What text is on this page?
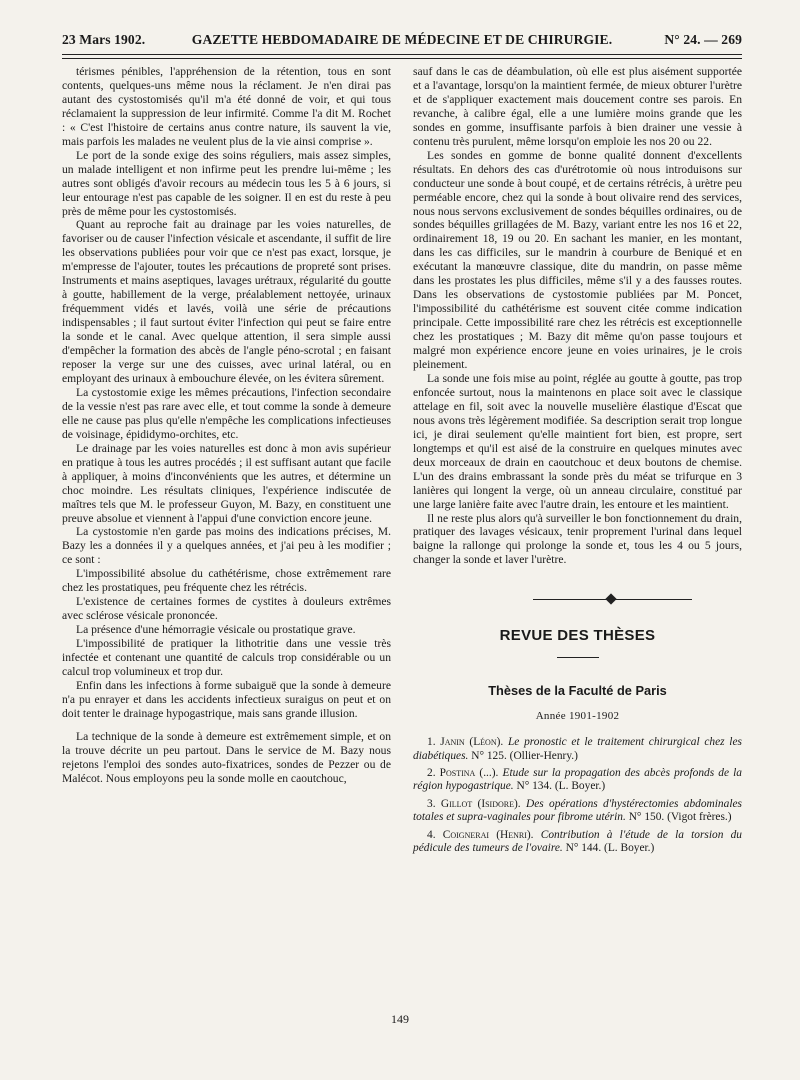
23 Mars 1902.	GAZETTE HEBDOMADAIRE DE MÉDECINE ET DE CHIRURGIE.	N° 24. — 269

térismes pénibles, l'appréhension de la rétention, tous en sont contents, quelques-uns même nous la réclament. Je n'en dirai pas autant des cystostomisés qu'il m'a été donné de voir, et qui tous réclamaient la suppression de leur infirmité. Comme l'a dit M. Rochet : « C'est l'histoire de certains anus contre nature, ils sauvent la vie, mais parfois les malades ne veulent plus de la vie ainsi comprise ».

Le port de la sonde exige des soins réguliers, mais assez simples, un malade intelligent et non infirme peut les prendre lui-même ; les autres sont obligés d'avoir recours au médecin tous les 5 à 6 jours, si leur entourage n'est pas capable de les soigner. Il en est du reste à peu près de même pour les cystostomisés.

Quant au reproche fait au drainage par les voies naturelles, de favoriser ou de causer l'infection vésicale et ascendante, il suffit de lire les observations publiées pour voir que ce n'est pas exact, lorsque, je m'empresse de l'ajouter, toutes les précautions de propreté sont prises. Instruments et mains aseptiques, lavages urétraux, régularité du goutte à goutte, habillement de la verge, préalablement nettoyée, urinaux fréquemment vidés et lavés, voilà une série de précautions indispensables ; il faut surtout éviter l'infection qui peut se faire entre la sonde et le canal. Avec quelque attention, il sera simple aussi d'empêcher la formation des abcès de l'angle péno-scrotal ; en faisant reposer la verge sur une des cuisses, avec urinal latéral, ou en employant des urinaux à embouchure élevée, on les évitera sûrement.

La cystostomie exige les mêmes précautions, l'infection secondaire de la vessie n'est pas rare avec elle, et tout comme la sonde à demeure elle ne cause pas plus qu'elle n'empêche les complications infectieuses de voisinage, épididymo-orchites, etc.

Le drainage par les voies naturelles est donc à mon avis supérieur en pratique à tous les autres procédés ; il est suffisant autant que facile à appliquer, à moins d'inconvénients que les autres, et détermine un choc moindre. Les résultats cliniques, l'expérience indiscutée de maîtres tels que M. le professeur Guyon, M. Bazy, en constituent une preuve absolue et viennent à l'appui d'une conviction encore jeune.

La cystostomie n'en garde pas moins des indications précises, M. Bazy les a données il y a quelques années, et j'ai peu à les modifier ; ce sont :

L'impossibilité absolue du cathétérisme, chose extrêmement rare chez les prostatiques, peu fréquente chez les rétrécis.

L'existence de certaines formes de cystites à douleurs extrêmes avec sclérose vésicale prononcée.

La présence d'une hémorragie vésicale ou prostatique grave.

L'impossibilité de pratiquer la lithotritie dans une vessie très infectée et contenant une quantité de calculs trop considérable ou un calcul trop volumineux et trop dur.

Enfin dans les infections à forme subaiguë que la sonde à demeure n'a pu enrayer et dans les accidents infectieux suraigus on peut et on doit tenter le drainage hypogastrique, mais sans grande illusion.

La technique de la sonde à demeure est extrêmement simple, et on la trouve décrite un peu partout. Dans le service de M. Bazy nous rejetons l'emploi des sondes auto-fixatrices, sondes de Pezzer ou de Malécot. Nous employons peu la sonde molle en caoutchouc,

sauf dans le cas de déambulation, où elle est plus aisément supportée et a l'avantage, lorsqu'on la maintient fermée, de mieux obturer l'urètre et de s'appliquer exactement mais doucement contre ses parois. En revanche, à calibre égal, elle a une lumière moins grande que les sondes en gomme, insuffisante parfois à bien drainer une vessie à contenu très purulent, même lorsqu'on emploie les nos 20 ou 22.

Les sondes en gomme de bonne qualité donnent d'excellents résultats. En dehors des cas d'urétrotomie où nous introduisons sur conducteur une sonde à bout coupé, et de certains rétrécis, à urètre peu perméable encore, chez qui la sonde à bout olivaire rend des services, nous nous servons exclusivement de sondes béquilles ordinaires, ou de sondes béquilles grillagées de M. Bazy, variant entre les nos 16 et 22, ordinairement 18, 19 ou 20. En sachant les manier, en les montant, dans les cas difficiles, sur le mandrin à courbure de Beniqué et en exécutant la manœuvre classique, dite du mandrin, on passe même dans les prostates les plus difficiles, même s'il y a des fausses routes. Dans les observations de cystostomie publiées par M. Poncet, l'impossibilité du cathétérisme est souvent citée comme indication principale. Cette impossibilité rare chez les rétrécis est exceptionnelle chez les prostatiques ; M. Bazy dit même qu'on passe toujours et malgré mon expérience encore jeune en voies urinaires, je le crois pleinement.

La sonde une fois mise au point, réglée au goutte à goutte, pas trop enfoncée surtout, nous la maintenons en place soit avec le classique attelage en fil, soit avec la nouvelle muselière élastique d'Escat que nous avons très légèrement modifiée. Sa description serait trop longue ici, je dirai seulement qu'elle maintient fort bien, est propre, sert longtemps et qu'il est aisé de la construire en quelques minutes avec deux morceaux de drain en caoutchouc et deux boutons de chemise. L'un des drains embrassant la sonde près du méat se trifurque en 3 lanières qui longent la verge, où un anneau circulaire, constitué par une large lanière faite avec l'autre drain, les entoure et les maintient.

Il ne reste plus alors qu'à surveiller le bon fonctionnement du drain, pratiquer des lavages vésicaux, tenir proprement l'urinal dans lequel baigne la rallonge qui prolonge la sonde et, tous les 4 ou 5 jours, changer la sonde et laver l'urètre.

REVUE DES THÈSES
Thèses de la Faculté de Paris
Année 1901-1902

1. Janin (Léon). Le pronostic et le traitement chirurgical chez les diabétiques. N° 125. (Ollier-Henry.)

2. Postina (...). Etude sur la propagation des abcès profonds de la région hypogastrique. N° 134. (L. Boyer.)

3. Gillot (Isidore). Des opérations d'hystérectomies abdominales totales et supra-vaginales pour fibrome utérin. N° 150. (Vigot frères.)

4. Coignerai (Henri). Contribution à l'étude de la torsion du pédicule des tumeurs de l'ovaire. N° 144. (L. Boyer.)

149
